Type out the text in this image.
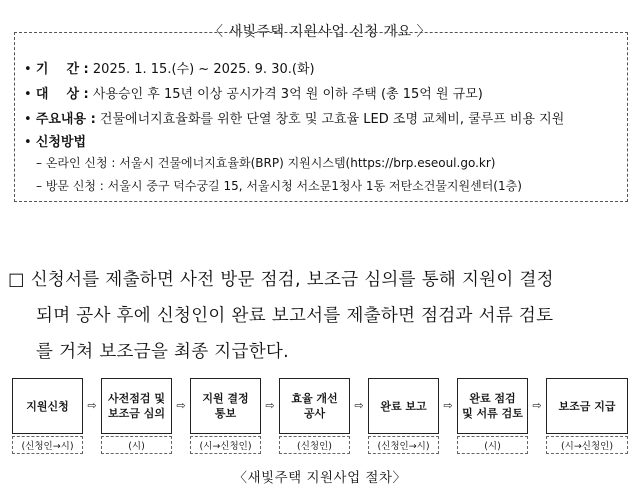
〈 새빛주택 지원사업 신청 개요 〉
• 기    간 : 2025. 1. 15.(수) ~ 2025. 9. 30.(화)
• 대    상 : 사용승인 후 15년 이상 공시가격 3억 원 이하 주택 (총 15억 원 규모)
• 주요내용 : 건물에너지효율화를 위한 단열 창호 및 고효율 LED 조명 교체비, 쿨루프 비용 지원
• 신청방법
– 온라인 신청 : 서울시 건물에너지효율화(BRP) 지원시스템(https://brp.eseoul.go.kr)
– 방문 신청 : 서울시 중구 덕수궁길 15, 서울시청 서소문1청사 1동 저탄소건물지원센터(1층)
□ 신청서를 제출하면 사전 방문 점검, 보조금 심의를 통해 지원이 결정
되며 공사 후에 신청인이 완료 보고서를 제출하면 점검과 서류 검토
를 거쳐 보조금을 최종 지급한다.
지원신청
(신청인→시)
⇨
사전점검 및
보조금 심의
(시)
⇨
지원 결정
통보
(시→신청인)
⇨
효율 개선
공사
(신청인)
⇨ 완료 보고
(신청인→시)
⇨
완료 점검
및 서류 검토
(시)
⇨ 보조금 지급
(시→신청인)
〈새빛주택 지원사업 절차〉
